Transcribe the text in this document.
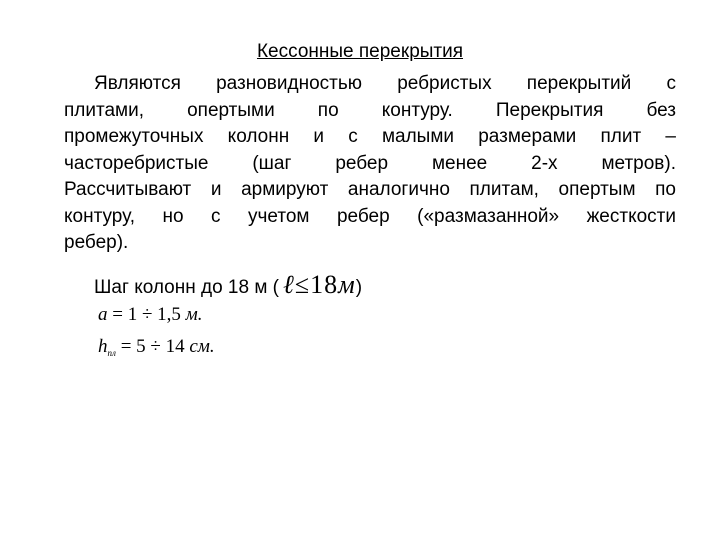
Кессонные перекрытия
Являются разновидностью ребристых перекрытий с
плитами, опертыми по контуру. Перекрытия без
промежуточных колонн и с малыми размерами плит –
часторебристые (шаг ребер менее 2-х метров).
Рассчитывают и армируют аналогично плитам, опертым по
контуру, но с учетом ребер («размазанной» жесткости
ребер).
Шаг колонн до 18 м ( ℓ≤18м )
a = 1 ÷ 1,5 м.
$h_{пл} = 5 \div 14$ см.
